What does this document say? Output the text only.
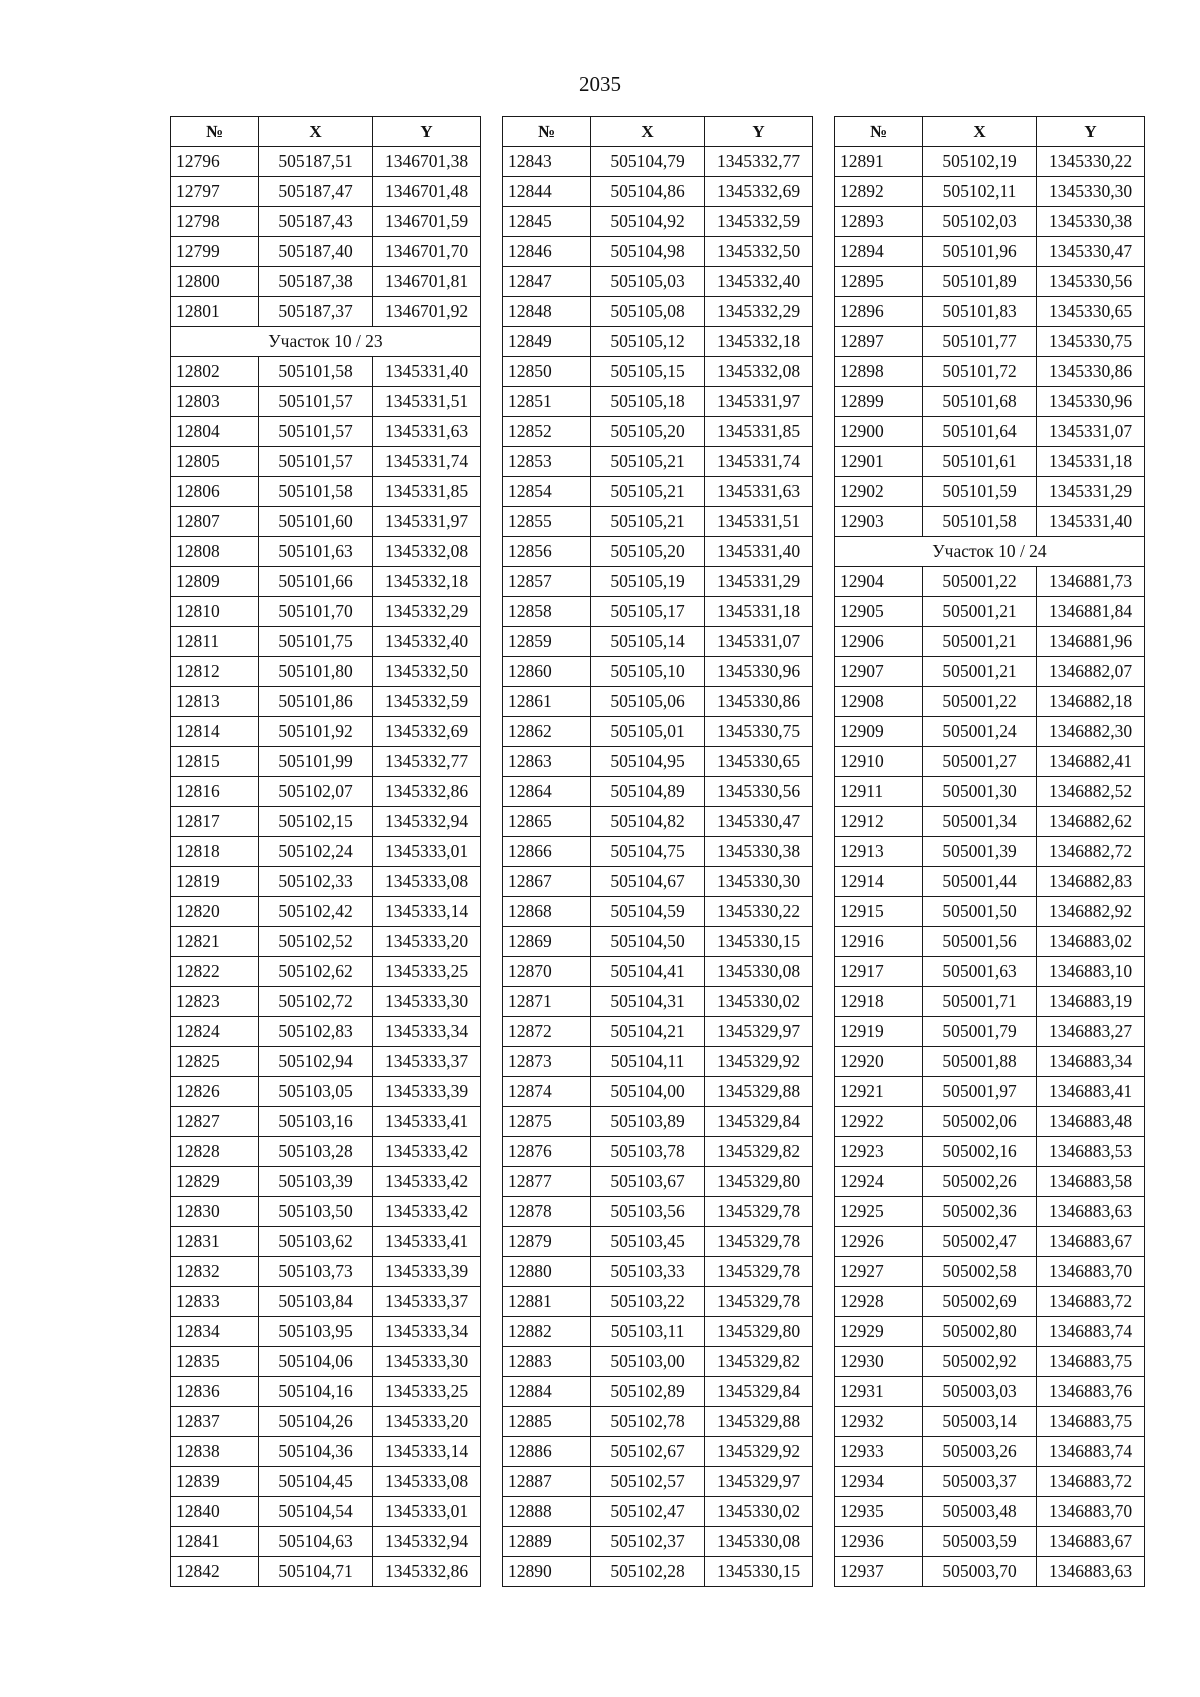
2035
№	X	Y
12796	505187,51	1346701,38
12797	505187,47	1346701,48
12798	505187,43	1346701,59
12799	505187,40	1346701,70
12800	505187,38	1346701,81
12801	505187,37	1346701,92
Участок 10 / 23		
12802	505101,58	1345331,40
12803	505101,57	1345331,51
12804	505101,57	1345331,63
12805	505101,57	1345331,74
12806	505101,58	1345331,85
12807	505101,60	1345331,97
12808	505101,63	1345332,08
12809	505101,66	1345332,18
12810	505101,70	1345332,29
12811	505101,75	1345332,40
12812	505101,80	1345332,50
12813	505101,86	1345332,59
12814	505101,92	1345332,69
12815	505101,99	1345332,77
12816	505102,07	1345332,86
12817	505102,15	1345332,94
12818	505102,24	1345333,01
12819	505102,33	1345333,08
12820	505102,42	1345333,14
12821	505102,52	1345333,20
12822	505102,62	1345333,25
12823	505102,72	1345333,30
12824	505102,83	1345333,34
12825	505102,94	1345333,37
12826	505103,05	1345333,39
12827	505103,16	1345333,41
12828	505103,28	1345333,42
12829	505103,39	1345333,42
12830	505103,50	1345333,42
12831	505103,62	1345333,41
12832	505103,73	1345333,39
12833	505103,84	1345333,37
12834	505103,95	1345333,34
12835	505104,06	1345333,30
12836	505104,16	1345333,25
12837	505104,26	1345333,20
12838	505104,36	1345333,14
12839	505104,45	1345333,08
12840	505104,54	1345333,01
12841	505104,63	1345332,94
12842	505104,71	1345332,86
№	X	Y
12843	505104,79	1345332,77
12844	505104,86	1345332,69
12845	505104,92	1345332,59
12846	505104,98	1345332,50
12847	505105,03	1345332,40
12848	505105,08	1345332,29
12849	505105,12	1345332,18
12850	505105,15	1345332,08
12851	505105,18	1345331,97
12852	505105,20	1345331,85
12853	505105,21	1345331,74
12854	505105,21	1345331,63
12855	505105,21	1345331,51
12856	505105,20	1345331,40
12857	505105,19	1345331,29
12858	505105,17	1345331,18
12859	505105,14	1345331,07
12860	505105,10	1345330,96
12861	505105,06	1345330,86
12862	505105,01	1345330,75
12863	505104,95	1345330,65
12864	505104,89	1345330,56
12865	505104,82	1345330,47
12866	505104,75	1345330,38
12867	505104,67	1345330,30
12868	505104,59	1345330,22
12869	505104,50	1345330,15
12870	505104,41	1345330,08
12871	505104,31	1345330,02
12872	505104,21	1345329,97
12873	505104,11	1345329,92
12874	505104,00	1345329,88
12875	505103,89	1345329,84
12876	505103,78	1345329,82
12877	505103,67	1345329,80
12878	505103,56	1345329,78
12879	505103,45	1345329,78
12880	505103,33	1345329,78
12881	505103,22	1345329,78
12882	505103,11	1345329,80
12883	505103,00	1345329,82
12884	505102,89	1345329,84
12885	505102,78	1345329,88
12886	505102,67	1345329,92
12887	505102,57	1345329,97
12888	505102,47	1345330,02
12889	505102,37	1345330,08
12890	505102,28	1345330,15
№	X	Y
12891	505102,19	1345330,22
12892	505102,11	1345330,30
12893	505102,03	1345330,38
12894	505101,96	1345330,47
12895	505101,89	1345330,56
12896	505101,83	1345330,65
12897	505101,77	1345330,75
12898	505101,72	1345330,86
12899	505101,68	1345330,96
12900	505101,64	1345331,07
12901	505101,61	1345331,18
12902	505101,59	1345331,29
12903	505101,58	1345331,40
Участок 10 / 24		
12904	505001,22	1346881,73
12905	505001,21	1346881,84
12906	505001,21	1346881,96
12907	505001,21	1346882,07
12908	505001,22	1346882,18
12909	505001,24	1346882,30
12910	505001,27	1346882,41
12911	505001,30	1346882,52
12912	505001,34	1346882,62
12913	505001,39	1346882,72
12914	505001,44	1346882,83
12915	505001,50	1346882,92
12916	505001,56	1346883,02
12917	505001,63	1346883,10
12918	505001,71	1346883,19
12919	505001,79	1346883,27
12920	505001,88	1346883,34
12921	505001,97	1346883,41
12922	505002,06	1346883,48
12923	505002,16	1346883,53
12924	505002,26	1346883,58
12925	505002,36	1346883,63
12926	505002,47	1346883,67
12927	505002,58	1346883,70
12928	505002,69	1346883,72
12929	505002,80	1346883,74
12930	505002,92	1346883,75
12931	505003,03	1346883,76
12932	505003,14	1346883,75
12933	505003,26	1346883,74
12934	505003,37	1346883,72
12935	505003,48	1346883,70
12936	505003,59	1346883,67
12937	505003,70	1346883,63
